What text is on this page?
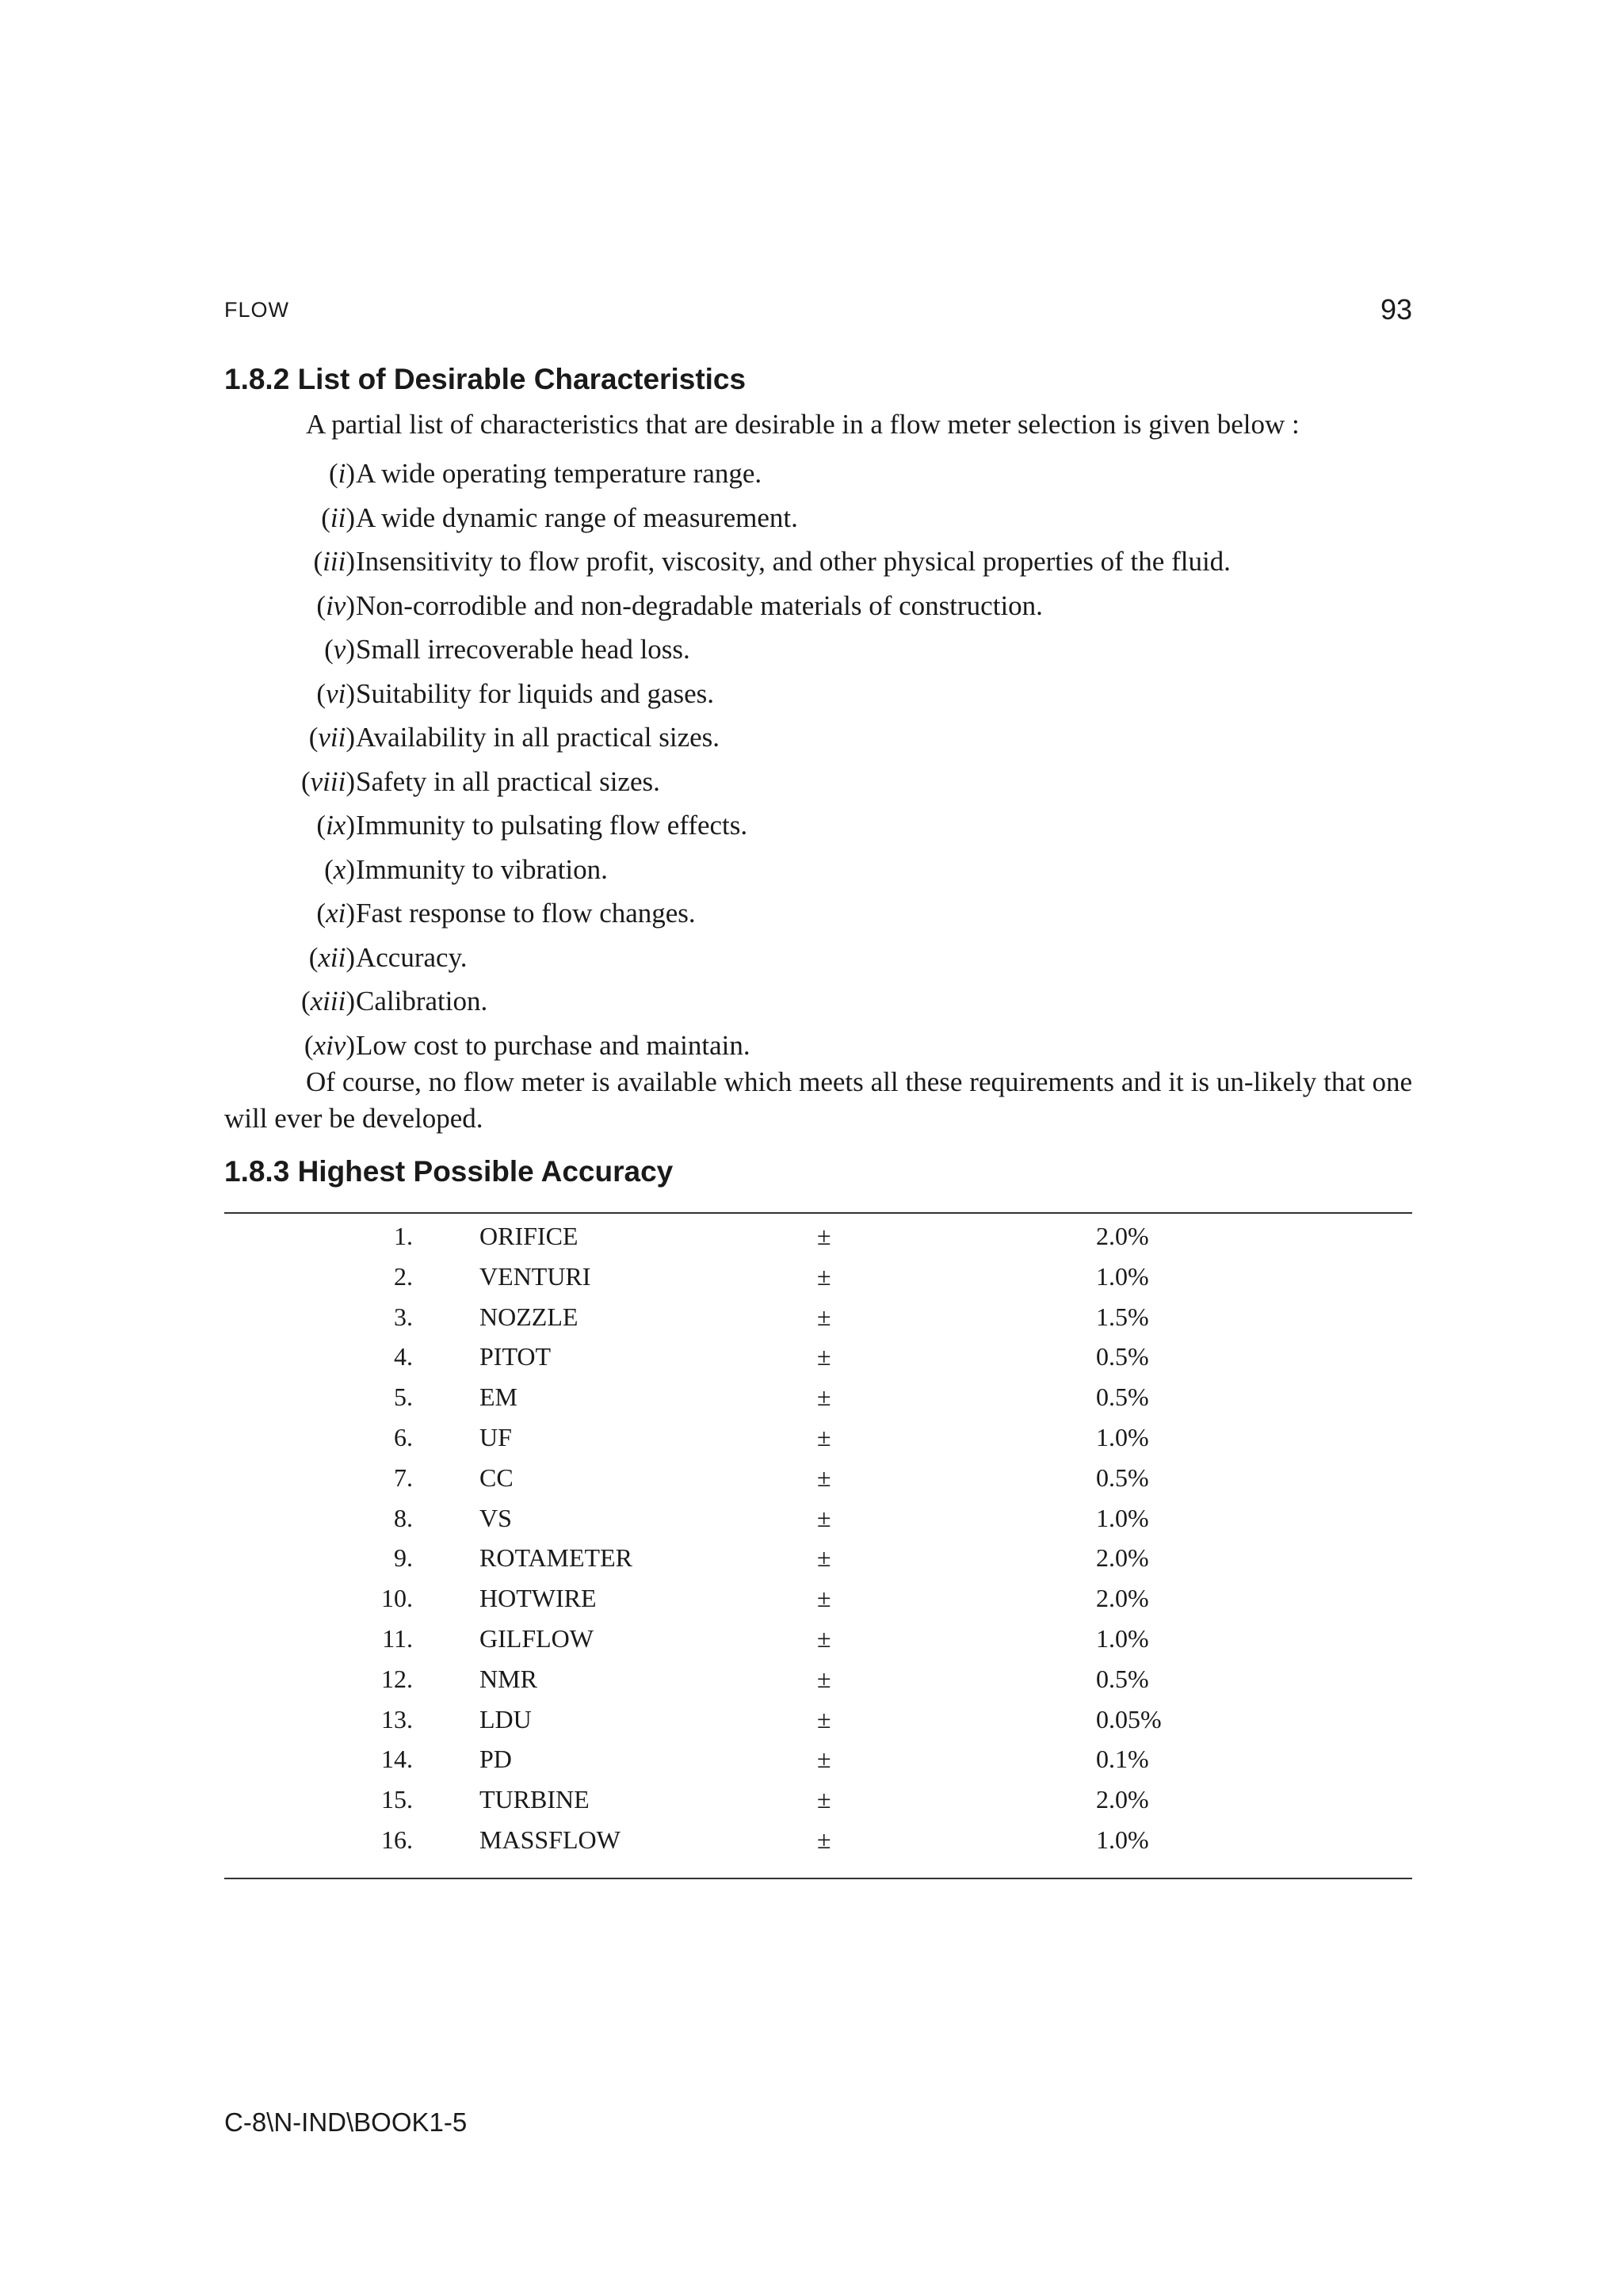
FLOW	93
1.8.2 List of Desirable Characteristics
A partial list of characteristics that are desirable in a flow meter selection is given below :
(i) A wide operating temperature range.
(ii) A wide dynamic range of measurement.
(iii) Insensitivity to flow profit, viscosity, and other physical properties of the fluid.
(iv) Non-corrodible and non-degradable materials of construction.
(v) Small irrecoverable head loss.
(vi) Suitability for liquids and gases.
(vii) Availability in all practical sizes.
(viii) Safety in all practical sizes.
(ix) Immunity to pulsating flow effects.
(x) Immunity to vibration.
(xi) Fast response to flow changes.
(xii) Accuracy.
(xiii) Calibration.
(xiv) Low cost to purchase and maintain.

Of course, no flow meter is available which meets all these requirements and it is un-likely that one will ever be developed.

1.8.3 Highest Possible Accuracy
1.	ORIFICE	±	2.0%
2.	VENTURI	±	1.0%
3.	NOZZLE	±	1.5%
4.	PITOT	±	0.5%
5.	EM	±	0.5%
6.	UF	±	1.0%
7.	CC	±	0.5%
8.	VS	±	1.0%
9.	ROTAMETER	±	2.0%
10.	HOTWIRE	±	2.0%
11.	GILFLOW	±	1.0%
12.	NMR	±	0.5%
13.	LDU	±	0.05%
14.	PD	±	0.1%
15.	TURBINE	±	2.0%
16.	MASSFLOW	±	1.0%
C-8\N-IND\BOOK1-5
